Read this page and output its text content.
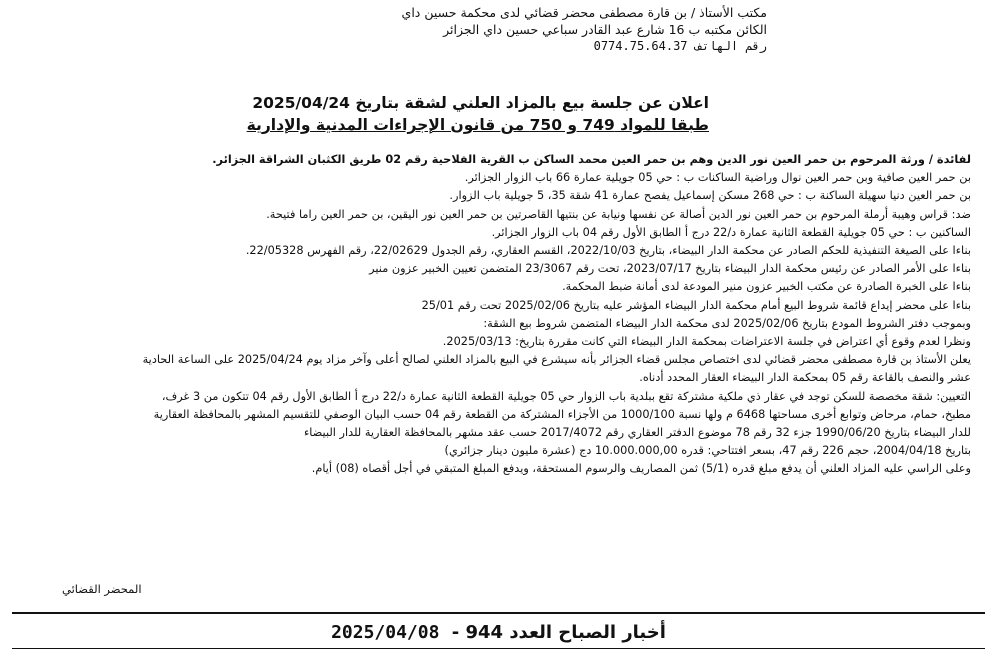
مكتب الأستاذ / بن قارة مصطفى محضر قضائي لدى محكمة حسين داي
الكائن مكتبه ب 16 شارع عبد القادر سباعي حسين داي الجزائر
رقم الهاتف 0774.75.64.37
اعلان عن جلسة بيع بالمزاد العلني لشقة بتاريخ 2025/04/24
طبقا للمواد 749 و 750 من قانون الإجراءات المدنية والإدارية
لفائدة / ورثة المرحوم بن حمر العين نور الدين وهم بن حمر العين محمد الساكن ب القرية الفلاحية رقم 02 طريق الكثبان الشراقة الجزائر.
بن حمر العين صافية وبن حمر العين نوال وراضية الساكنات ب : حي 05 جويلية عمارة 66 باب الزوار الجزائر.
بن حمر العين دنيا سهيلة الساكنة ب : حي 268 مسكن إسماعيل يفصح عمارة 41 شقة 35، 5 جويلية باب الزوار.
ضد: قراس وهيبة أرملة المرحوم بن حمر العين نور الدين أصالة عن نفسها ونيابة عن بنتيها القاصرتين بن حمر العين نور اليقين، بن حمر العين راما فتيحة.
الساكنين ب : حي 05 جويلية القطعة الثانية عمارة د/22 درج أ الطابق الأول رقم 04 باب الزوار الجزائر.
بناءا على الصيغة التنفيذية للحكم الصادر عن محكمة الدار البيضاء، بتاريخ 2022/10/03، القسم العقاري، رقم الجدول 22/02629، رقم الفهرس 22/05328.
بناءا على الأمر الصادر عن رئيس محكمة الدار البيضاء بتاريخ 2023/07/17، تحت رقم 23/3067 المتضمن تعيين الخبير عزون منير
بناءا على الخبرة الصادرة عن مكتب الخبير عزون منير المودعة لدى أمانة ضبط المحكمة.
بناءا على محضر إيداع قائمة شروط البيع أمام محكمة الدار البيضاء المؤشر عليه بتاريخ 2025/02/06 تحت رقم 25/01
وبموجب دفتر الشروط المودع بتاريخ 2025/02/06 لدى محكمة الدار البيضاء المتضمن شروط بيع الشقة:
ونظرا لعدم وقوع أي اعتراض في جلسة الاعتراضات بمحكمة الدار البيضاء التي كانت مقررة بتاريخ: 2025/03/13.
يعلن الأستاذ بن قارة مصطفى محضر قضائي لدى اختصاص مجلس قضاء الجزائر بأنه سيشرع في البيع بالمزاد العلني لصالح أعلى وآخر مزاد يوم 2025/04/24 على الساعة الحادية عشر والنصف بالقاعة رقم 05 بمحكمة الدار البيضاء العقار المحدد أدناه.
التعيين: شقة مخصصة للسكن توجد في عقار ذي ملكية مشتركة تقع ببلدية باب الزوار حي 05 جويلية القطعة الثانية عمارة د/22 درج أ الطابق الأول رقم 04 تتكون من 3 غرف، مطبخ، حمام، مرحاض وتوابع أخرى مساحتها 6468 م ولها نسبة 1000/100 من الأجزاء المشتركة من القطعة رقم 04 حسب البيان الوصفي للتقسيم المشهر بالمحافظة العقارية للدار البيضاء بتاريخ 1990/06/20 جزء 32 رقم 78 موضوع الدفتر العقاري رقم 2017/4072 حسب عقد مشهر بالمحافظة العقارية للدار البيضاء
بتاريخ 2004/04/18، حجم 226 رقم 47، بسعر افتتاحي: قدره 10.000.000,00 دج (عشرة مليون دينار جزائري)
وعلى الراسي عليه المزاد العلني أن يدفع مبلغ قدره (5/1) ثمن المصاريف والرسوم المستحقة، ويدفع المبلغ المتبقي في أجل أقصاه (08) أيام.
المحضر القضائي
أخبار الصباح العدد 944 - 2025/04/08
